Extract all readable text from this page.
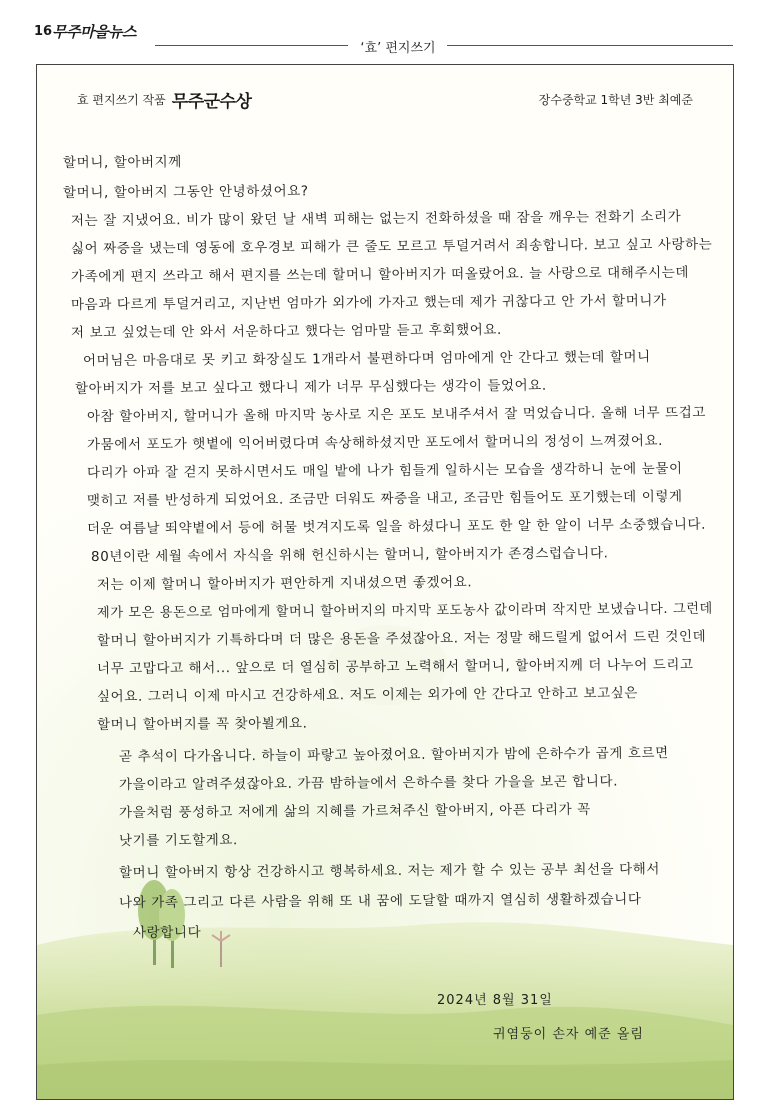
16 무주마을뉴스
‘효’ 편지쓰기
효 편지쓰기 작품 무주군수상	장수중학교 1학년 3반 최예준
할머니, 할아버지께
할머니, 할아버지 그동안 안녕하셨어요?
저는 잘 지냈어요. 비가 많이 왔던 날 새벽 피해는 없는지 전화하셨을 때 잠을 깨우는 전화기 소리가
싫어 짜증을 냈는데 영동에 호우경보 피해가 큰 줄도 모르고 투덜거려서 죄송합니다. 보고 싶고 사랑하는
가족에게 편지 쓰라고 해서 편지를 쓰는데 할머니 할아버지가 떠올랐어요. 늘 사랑으로 대해주시는데
마음과 다르게 투덜거리고, 지난번 엄마가 외가에 가자고 했는데 제가 귀찮다고 안 가서 할머니가
저 보고 싶었는데 안 와서 서운하다고 했다는 엄마말 듣고 후회했어요.
어머님은 마음대로 못 키고 화장실도 1개라서 불편하다며 엄마에게 안 간다고 했는데 할머니
할아버지가 저를 보고 싶다고 했다니 제가 너무 무심했다는 생각이 들었어요.
아참 할아버지, 할머니가 올해 마지막 농사로 지은 포도 보내주셔서 잘 먹었습니다. 올해 너무 뜨겁고
가뭄에서 포도가 햇볕에 익어버렸다며 속상해하셨지만 포도에서 할머니의 정성이 느껴졌어요.
다리가 아파 잘 걷지 못하시면서도 매일 밭에 나가 힘들게 일하시는 모습을 생각하니 눈에 눈물이
맺히고 저를 반성하게 되었어요. 조금만 더워도 짜증을 내고, 조금만 힘들어도 포기했는데 이렇게
더운 여름날 뙤약볕에서 등에 허물 벗겨지도록 일을 하셨다니 포도 한 알 한 알이 너무 소중했습니다.
80년이란 세월 속에서 자식을 위해 헌신하시는 할머니, 할아버지가 존경스럽습니다.
저는 이제 할머니 할아버지가 편안하게 지내셨으면 좋겠어요.
제가 모은 용돈으로 엄마에게 할머니 할아버지의 마지막 포도농사 값이라며 작지만 보냈습니다. 그런데
할머니 할아버지가 기특하다며 더 많은 용돈을 주셨잖아요. 저는 정말 해드릴게 없어서 드린 것인데
너무 고맙다고 해서... 앞으로 더 열심히 공부하고 노력해서 할머니, 할아버지께 더 나누어 드리고
싶어요. 그러니 이제 마시고 건강하세요. 저도 이제는 외가에 안 간다고 안하고 보고싶은
할머니 할아버지를 꼭 찾아뵐게요.
곧 추석이 다가옵니다. 하늘이 파랗고 높아졌어요. 할아버지가 밤에 은하수가 곱게 흐르면
가을이라고 알려주셨잖아요. 가끔 밤하늘에서 은하수를 찾다 가을을 보곤 합니다.
가을처럼 풍성하고 저에게 삶의 지혜를 가르쳐주신 할아버지, 아픈 다리가 꼭
낫기를 기도할게요.
할머니 할아버지 항상 건강하시고 행복하세요. 저는 제가 할 수 있는 공부 최선을 다해서
나와 가족 그리고 다른 사람을 위해 또 내 꿈에 도달할 때까지 열심히 생활하겠습니다
사랑합니다
2024년 8월 31일
귀염둥이 손자 예준 올림
